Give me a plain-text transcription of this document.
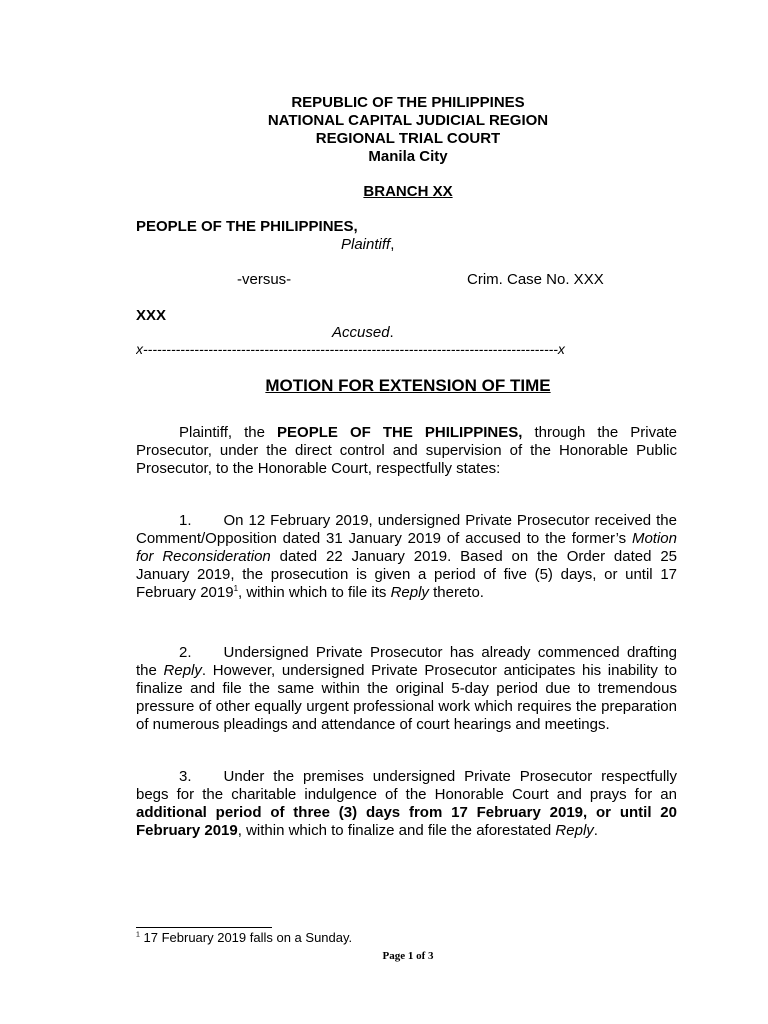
REPUBLIC OF THE PHILIPPINES
NATIONAL CAPITAL JUDICIAL REGION
REGIONAL TRIAL COURT
Manila City
BRANCH XX
PEOPLE OF THE PHILIPPINES,
Plaintiff,
-versus-	Crim. Case No. XXX
XXX
Accused.
x-----------------------------------------------------------------------------------------x
MOTION FOR EXTENSION OF TIME
Plaintiff, the PEOPLE OF THE PHILIPPINES, through the Private Prosecutor, under the direct control and supervision of the Honorable Public Prosecutor, to the Honorable Court, respectfully states:
1. On 12 February 2019, undersigned Private Prosecutor received the Comment/Opposition dated 31 January 2019 of accused to the former’s Motion for Reconsideration dated 22 January 2019. Based on the Order dated 25 January 2019, the prosecution is given a period of five (5) days, or until 17 February 2019$^1$, within which to file its Reply thereto.
2. Undersigned Private Prosecutor has already commenced drafting the Reply. However, undersigned Private Prosecutor anticipates his inability to finalize and file the same within the original 5-day period due to tremendous pressure of other equally urgent professional work which requires the preparation of numerous pleadings and attendance of court hearings and meetings.
3. Under the premises undersigned Private Prosecutor respectfully begs for the charitable indulgence of the Honorable Court and prays for an additional period of three (3) days from 17 February 2019, or until 20 February 2019, within which to finalize and file the aforestated Reply.
$^1$ 17 February 2019 falls on a Sunday.
Page 1 of 3
